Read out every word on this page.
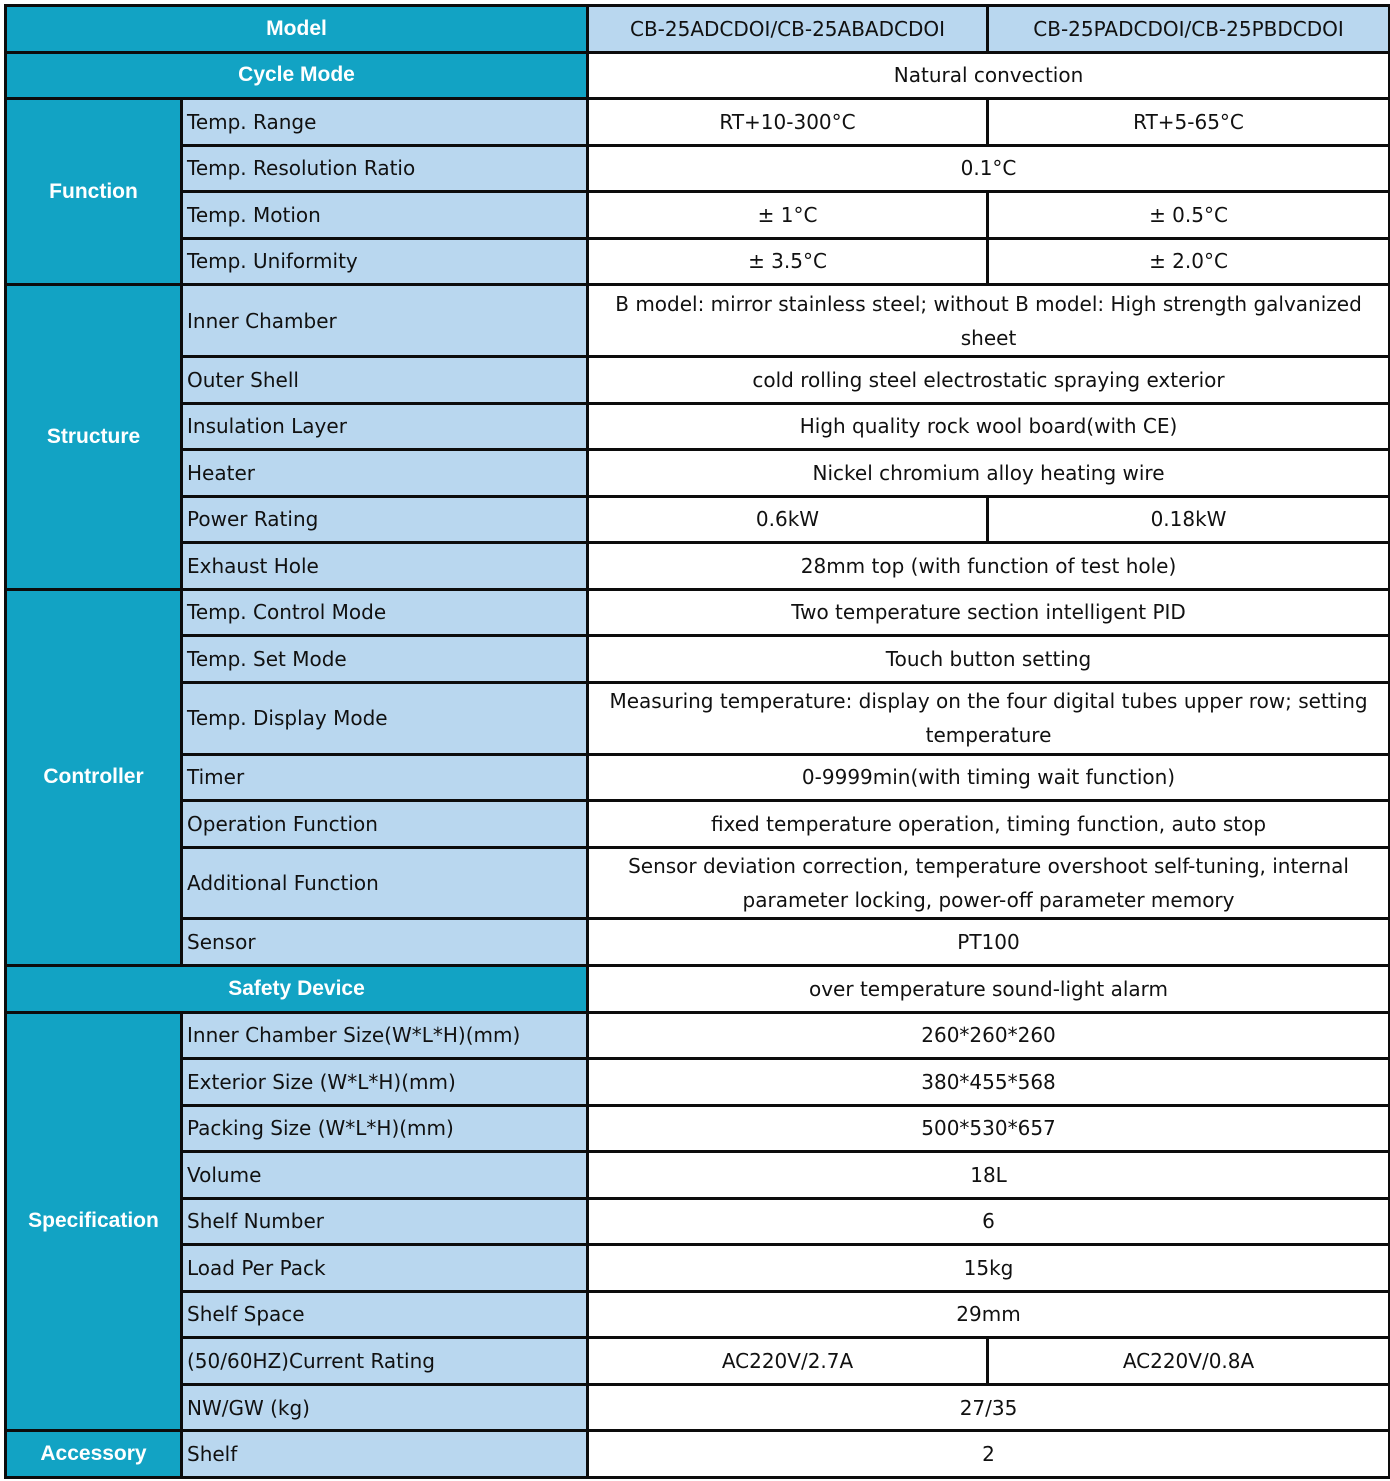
Model		CB-25ADCDOI/CB-25ABADCDOI	CB-25PADCDOI/CB-25PBDCDOI
Cycle Mode		Natural convection	
Function	Temp. Range	RT+10-300°C	RT+5-65°C
	Temp. Resolution Ratio	0.1°C	
	Temp. Motion	± 1°C	± 0.5°C
	Temp. Uniformity	± 3.5°C	± 2.0°C
Structure	Inner Chamber	B model: mirror stainless steel; without B model: High strength galvanized sheet	
	Outer Shell	cold rolling steel electrostatic spraying exterior	
	Insulation Layer	High quality rock wool board(with CE)	
	Heater	Nickel chromium alloy heating wire	
	Power Rating	0.6kW	0.18kW
	Exhaust Hole	28mm top (with function of test hole)	
Controller	Temp. Control Mode	Two temperature section intelligent PID	
	Temp. Set Mode	Touch button setting	
	Temp. Display Mode	Measuring temperature: display on the four digital tubes upper row; setting temperature	
	Timer	0-9999min(with timing wait function)	
	Operation Function	fixed temperature operation, timing function, auto stop	
	Additional Function	Sensor deviation correction, temperature overshoot self-tuning, internal parameter locking, power-off parameter memory	
	Sensor	PT100	
Safety Device		over temperature sound-light alarm	
Specification	Inner Chamber Size(W*L*H)(mm)	260*260*260	
	Exterior Size (W*L*H)(mm)	380*455*568	
	Packing Size (W*L*H)(mm)	500*530*657	
	Volume	18L	
	Shelf Number	6	
	Load Per Pack	15kg	
	Shelf Space	29mm	
	(50/60HZ)Current Rating	AC220V/2.7A	AC220V/0.8A
	NW/GW (kg)	27/35	
Accessory	Shelf	2	
